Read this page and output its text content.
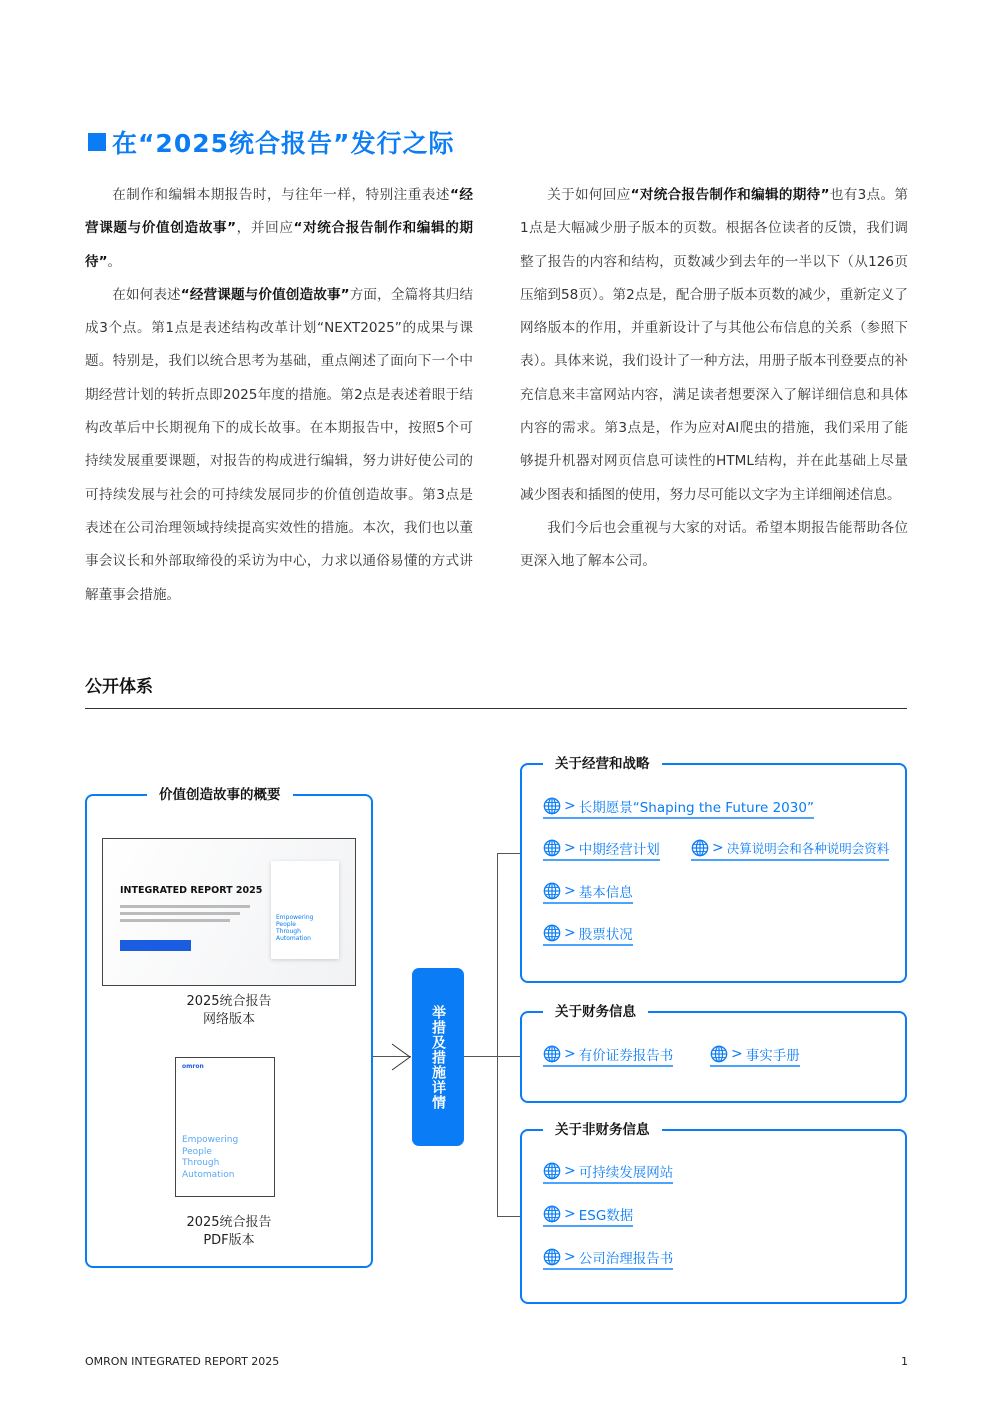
在“2025统合报告”发行之际

在制作和编辑本期报告时，与往年一样，特别注重表述“经营课题与价值创造故事”，并回应“对统合报告制作和编辑的期待”。

在如何表述“经营课题与价值创造故事”方面，全篇将其归结成3个点。第1点是表述结构改革计划“NEXT2025”的成果与课题。特别是，我们以统合思考为基础，重点阐述了面向下一个中期经营计划的转折点即2025年度的措施。第2点是表述着眼于结构改革后中长期视角下的成长故事。在本期报告中，按照5个可持续发展重要课题，对报告的构成进行编辑，努力讲好使公司的可持续发展与社会的可持续发展同步的价值创造故事。第3点是表述在公司治理领域持续提高实效性的措施。本次，我们也以董事会议长和外部取缔役的采访为中心，力求以通俗易懂的方式讲解董事会措施。

关于如何回应“对统合报告制作和编辑的期待”也有3点。第1点是大幅减少册子版本的页数。根据各位读者的反馈，我们调整了报告的内容和结构，页数减少到去年的一半以下（从126页压缩到58页）。第2点是，配合册子版本页数的减少，重新定义了网络版本的作用，并重新设计了与其他公布信息的关系（参照下表）。具体来说，我们设计了一种方法，用册子版本刊登要点的补充信息来丰富网站内容，满足读者想要深入了解详细信息和具体内容的需求。第3点是，作为应对AI爬虫的措施，我们采用了能够提升机器对网页信息可读性的HTML结构，并在此基础上尽量减少图表和插图的使用，努力尽可能以文字为主详细阐述信息。

我们今后也会重视与大家的对话。希望本期报告能帮助各位更深入地了解本公司。

公开体系
价值创造故事的概要
INTEGRATED REPORT 2025
Empowering
People
Through
Automation
2025统合报告
网络版本
omron
Empowering
People
Through
Automation
2025统合报告
PDF版本
举措及措施详情
关于经营和战略
> 长期愿景“Shaping the Future 2030”
> 中期经营计划	> 决算说明会和各种说明会资料
> 基本信息
> 股票状况
关于财务信息
> 有价证券报告书	> 事实手册
关于非财务信息
> 可持续发展网站
> ESG数据
> 公司治理报告书
OMRON INTEGRATED REPORT 2025	1
